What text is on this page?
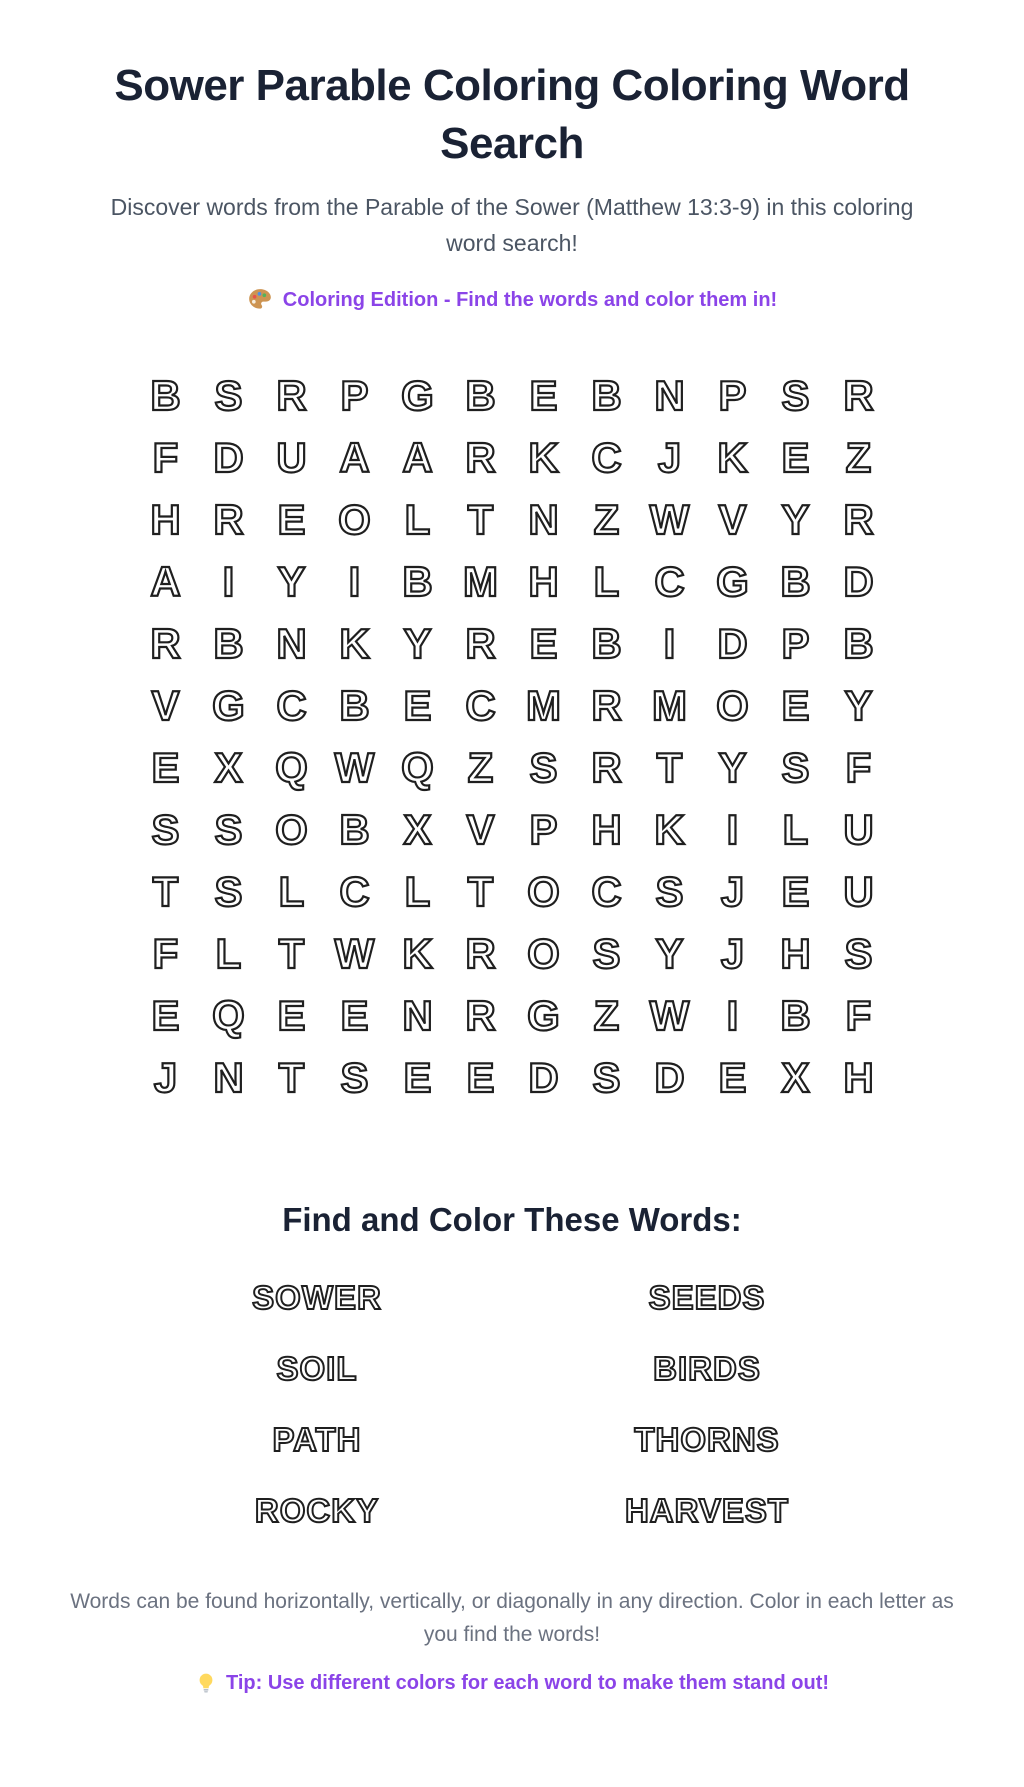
Sower Parable Coloring Coloring Word Search

Discover words from the Parable of the Sower (Matthew 13:3-9) in this coloring word search!

Coloring Edition - Find the words and color them in!
B S R P G B E B N P S R
F D U A A R K C J K E Z
H R E O L T N Z W V Y R
A I	Y	I	B M H L C G B D
R B N K Y R E B I	D P B
V G C B E C M R M O E Y
E X Q W Q Z S R T Y S F
S S O B X V P H K I	L U
T S L C L T O C S J E U
F L T W K R O S Y J H S
E Q E E N R G Z W I	B F
J N T S E E D S D E X H
Find and Color These Words:
SOWER
SOIL
PATH
ROCKY
SEEDS
BIRDS
THORNS
HARVEST

Words can be found horizontally, vertically, or diagonally in any direction. Color in each letter as you find the words!

Tip: Use different colors for each word to make them stand out!
